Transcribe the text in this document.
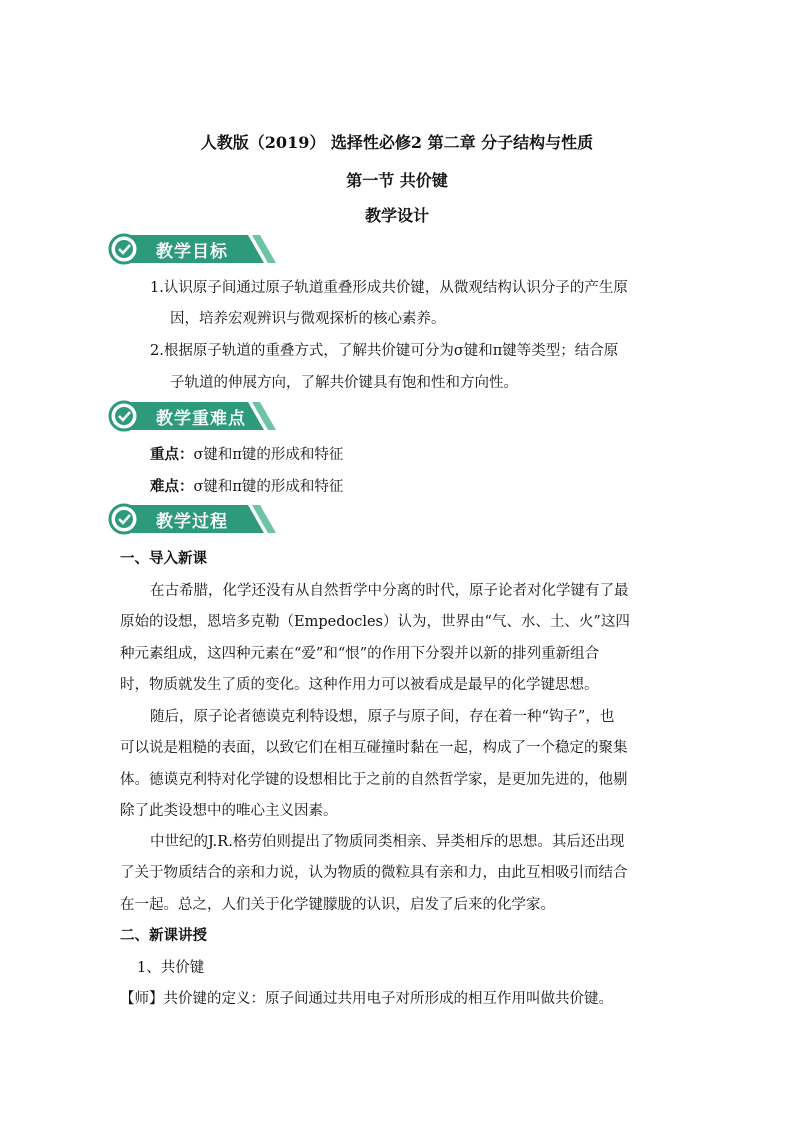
人教版（2019） 选择性必修2 第二章 分子结构与性质
第一节 共价键
教学设计
教学目标
1.认识原子间通过原子轨道重叠形成共价键，从微观结构认识分子的产生原
因，培养宏观辨识与微观探析的核心素养。
2.根据原子轨道的重叠方式，了解共价键可分为σ键和π键等类型；结合原
子轨道的伸展方向，了解共价键具有饱和性和方向性。
教学重难点
重点：σ键和π键的形成和特征
难点：σ键和π键的形成和特征
教学过程
一、导入新课
在古希腊，化学还没有从自然哲学中分离的时代，原子论者对化学键有了最
原始的设想，恩培多克勒（Empedocles）认为，世界由“气、水、土、火”这四
种元素组成，这四种元素在“爱”和“恨”的作用下分裂并以新的排列重新组合
时，物质就发生了质的变化。这种作用力可以被看成是最早的化学键思想。
随后，原子论者德谟克利特设想，原子与原子间，存在着一种“钩子”，也
可以说是粗糙的表面，以致它们在相互碰撞时黏在一起，构成了一个稳定的聚集
体。德谟克利特对化学键的设想相比于之前的自然哲学家，是更加先进的，他剔
除了此类设想中的唯心主义因素。
中世纪的J.R.格劳伯则提出了物质同类相亲、异类相斥的思想。其后还出现
了关于物质结合的亲和力说，认为物质的微粒具有亲和力，由此互相吸引而结合
在一起。总之，人们关于化学键朦胧的认识，启发了后来的化学家。
二、新课讲授
1、共价键
【师】共价键的定义：原子间通过共用电子对所形成的相互作用叫做共价键。
